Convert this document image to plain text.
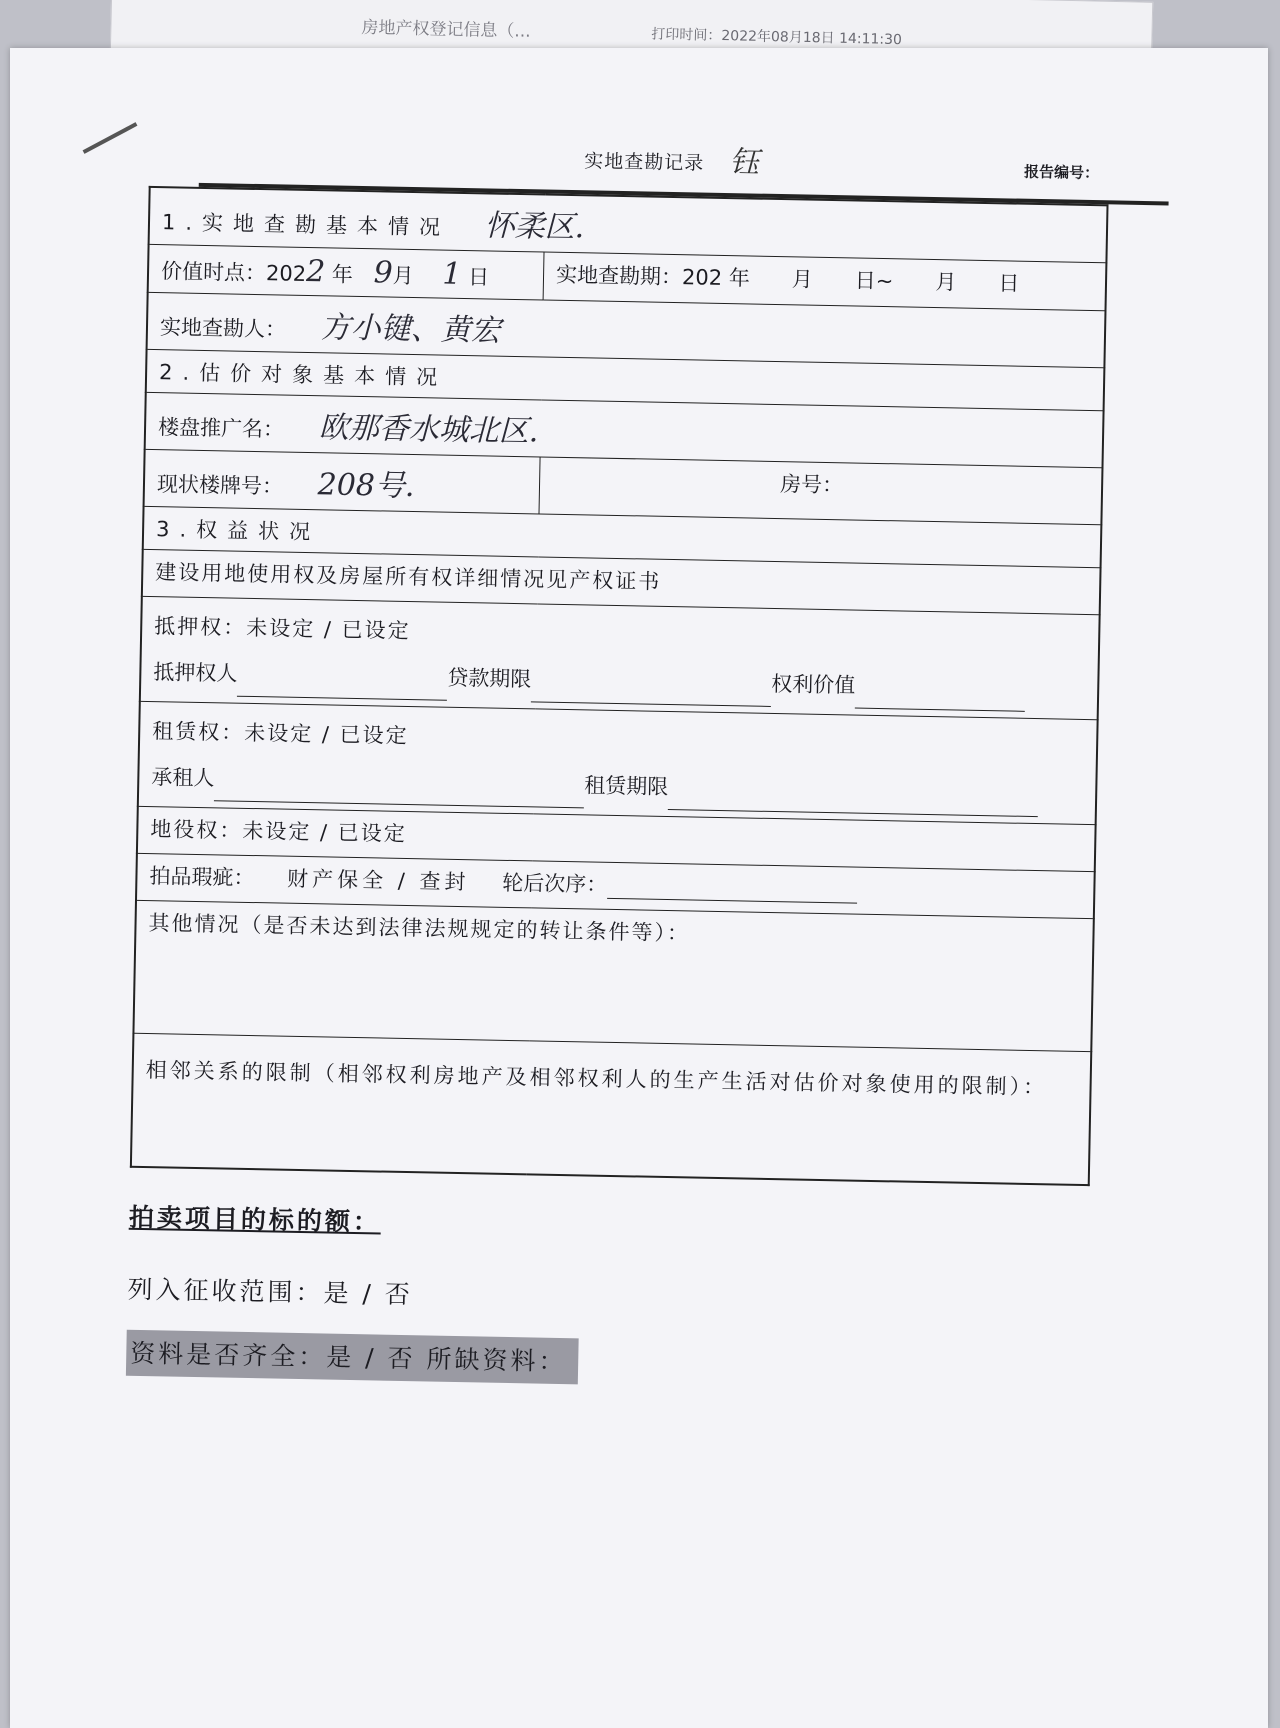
房地产权登记信息（...	打印时间：2022年08月18日 14:11:30
实地查勘记录 钰	报告编号：
1.实地查勘基本情况 怀柔区.	
价值时点：2022 年 9月 1 日	实地查勘期：202 年　　月　　日~　　月　　日
实地查勘人： 方小键、黄宏	
2.估价对象基本情况	
楼盘推广名： 欧那香水城北区.	
现状楼牌号： 208号.	房号：
3.权益状况	
建设用地使用权及房屋所有权详细情况见产权证书	

抵押权：未设定 / 已设定
抵押权人 贷款期限 权利价值	

租赁权：未设定 / 已设定
承租人 租赁期限	

地役权：未设定 / 已设定	
拍品瑕疵： 财产保全 / 查封 轮后次序：	
其他情况（是否未达到法律法规规定的转让条件等）：	
相邻关系的限制（相邻权利房地产及相邻权利人的生产生活对估价对象使用的限制）：	
拍卖项目的标的额：
列入征收范围：是 / 否
资料是否齐全：是 / 否 所缺资料：
